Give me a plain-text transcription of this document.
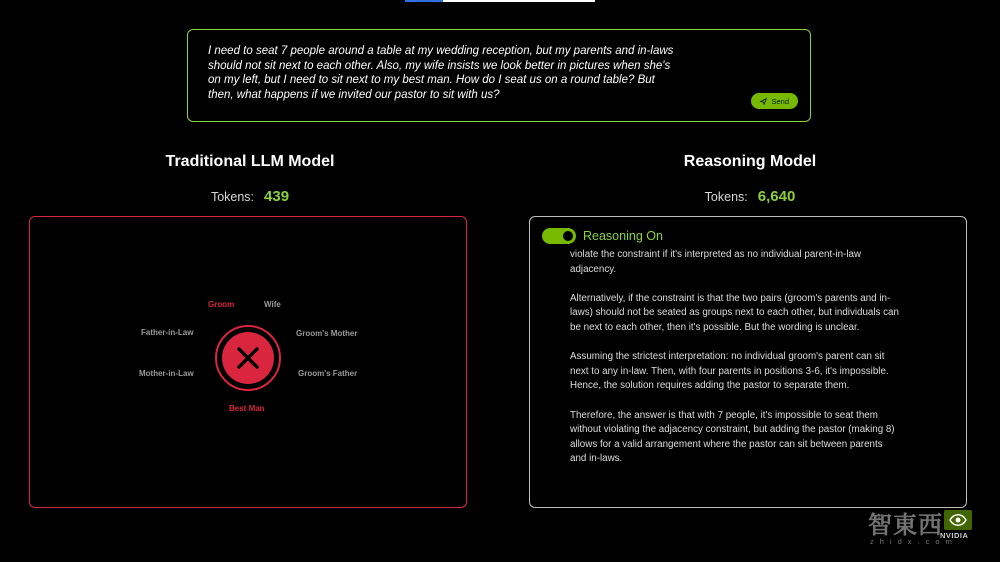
I need to seat 7 people around a table at my wedding reception, but my parents and in-laws should not sit next to each other. Also, my wife insists we look better in pictures when she's on my left, but I need to sit next to my best man. How do I seat us on a round table? But then, what happens if we invited our pastor to sit with us?
Send
Traditional LLM Model
Tokens: 439
Reasoning Model
Tokens: 6,640
Groom	Wife
Father-in-Law	Groom's Mother
Mother-in-Law	Groom's Father
Best Man
Reasoning On

violate the constraint if it's interpreted as no individual parent-in-law adjacency.

Alternatively, if the constraint is that the two pairs (groom's parents and in-laws) should not be seated as groups next to each other, but individuals can be next to each other, then it's possible. But the wording is unclear.

Assuming the strictest interpretation: no individual groom's parent can sit next to any in-law. Then, with four parents in positions 3-6, it's impossible. Hence, the solution requires adding the pastor to separate them.

Therefore, the answer is that with 7 people, it's impossible to seat them without violating the adjacency constraint, but adding the pastor (making 8) allows for a valid arrangement where the pastor can sit between parents and in-laws.

智東西
zhidx.com
NVIDIA
